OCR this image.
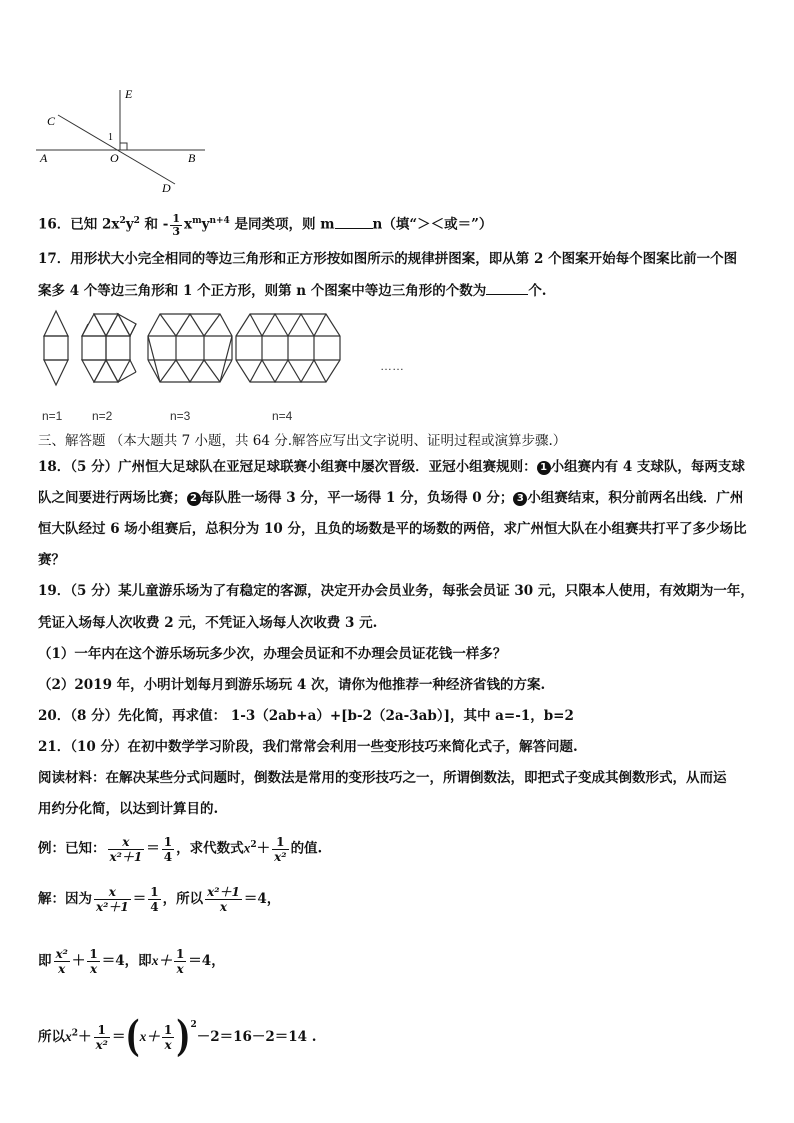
E
C
A	O	B
D
1
16．已知 $2x^2y^2$ 和 - $\frac{1}{3} x^my^{n+4}$ 是同类项，则 m	n（填“＞＜或＝”）
17．用形状大小完全相同的等边三角形和正方形按如图所示的规律拼图案，即从第 2 个图案开始每个图案比前一个图
案多 4 个等边三角形和 1 个正方形，则第 n 个图案中等边三角形的个数为	个.
……
n=1 n=2	n=3	n=4
三、解答题 （本大题共 7 小题，共 64 分.解答应写出文字说明、证明过程或演算步骤.）
18．（5 分）广州恒大足球队在亚冠足球联赛小组赛中屡次晋级．亚冠小组赛规则： 1 小组赛内有 4 支球队，每两支球
队之间要进行两场比赛； 2 每队胜一场得 3 分，平一场得 1 分，负场得 0 分； 3 小组赛结束，积分前两名出线．广州
恒大队经过 6 场小组赛后，总积分为 10 分，且负的场数是平的场数的两倍，求广州恒大队在小组赛共打平了多少场比
赛？
19．（5 分）某儿童游乐场为了有稳定的客源，决定开办会员业务，每张会员证 30 元，只限本人使用，有效期为一年，
凭证入场每人次收费 2 元，不凭证入场每人次收费 3 元.
（1）一年内在这个游乐场玩多少次，办理会员证和不办理会员证花钱一样多？
（2）2019 年，小明计划每月到游乐场玩 4 次，请你为他推荐一种经济省钱的方案.
20．（8 分）先化简，再求值： 1-3（2ab+a）+[b-2（2a-3ab）]，其中 a=-1，b=2
21．（10 分）在初中数学学习阶段，我们常常会利用一些变形技巧来简化式子，解答问题.
阅读材料：在解决某些分式问题时，倒数法是常用的变形技巧之一，所谓倒数法，即把式子变成其倒数形式，从而运
用约分化简，以达到计算目的.
例：已知： $\frac{x}{\text{x²＋1}} = \frac{1}{4}$ ，求代数式$x^2+ \frac{1}{\text{x²}}$ 的值.
解：因为 $\frac{x}{\text{x²＋1}} = \frac{1}{4}$ ，所以 $\frac{\text{x²＋1}}{x} =4$，
即 $\frac{\text{x²}}{x} + \frac{1}{x} =4$，即$x+ \frac{1}{x} =4$，
所以$x^2+ \frac{1}{\text{x²}} =(x+ \frac{1}{x} )^2-2=16-2=14$ .
